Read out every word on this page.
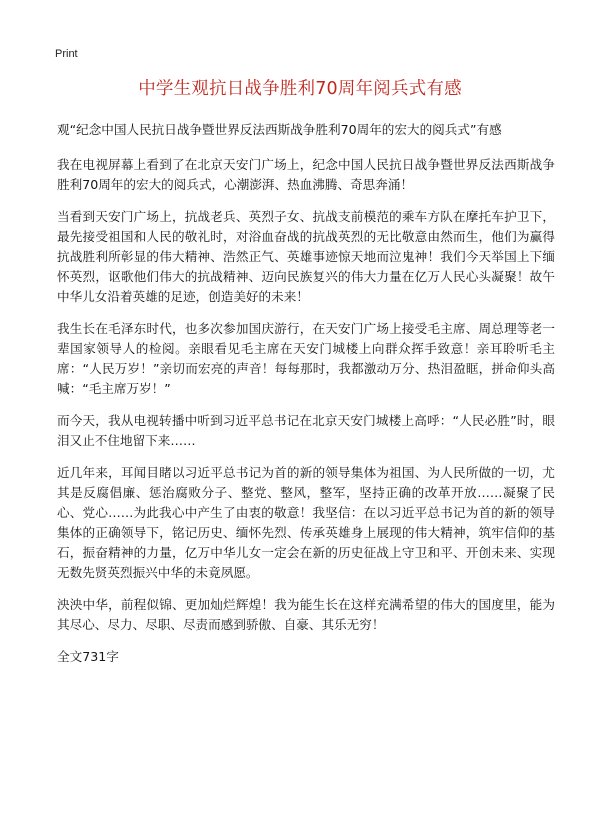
Print
中学生观抗日战争胜利70周年阅兵式有感

观“纪念中国人民抗日战争暨世界反法西斯战争胜利70周年的宏大的阅兵式”有感

我在电视屏幕上看到了在北京天安门广场上，纪念中国人民抗日战争暨世界反法西斯战争胜利70周年的宏大的阅兵式，心潮澎湃、热血沸腾、奇思奔涌！

当看到天安门广场上，抗战老兵、英烈子女、抗战支前模范的乘车方队在摩托车护卫下，最先接受祖国和人民的敬礼时，对浴血奋战的抗战英烈的无比敬意由然而生，他们为赢得抗战胜利所彰显的伟大精神、浩然正气、英雄事迹惊天地而泣鬼神！我们今天举国上下缅怀英烈，讴歌他们伟大的抗战精神、迈向民族复兴的伟大力量在亿万人民心头凝聚！故午中华儿女沿着英雄的足迹，创造美好的未来！

我生长在毛泽东时代，也多次参加国庆游行，在天安门广场上接受毛主席、周总理等老一辈国家领导人的检阅。亲眼看见毛主席在天安门城楼上向群众挥手致意！亲耳聆听毛主席：“人民万岁！”亲切而宏亮的声音！每每那时，我都激动万分、热泪盈眶，拼命仰头高喊：“毛主席万岁！”

而今天，我从电视转播中听到习近平总书记在北京天安门城楼上高呼：“人民必胜”时，眼泪又止不住地留下来……

近几年来，耳闻目睹以习近平总书记为首的新的领导集体为祖国、为人民所做的一切，尤其是反腐倡廉、惩治腐败分子、整党、整风，整军，坚持正确的改革开放……凝聚了民心、党心……为此我心中产生了由衷的敬意！我坚信：在以习近平总书记为首的新的领导集体的正确领导下，铭记历史、缅怀先烈、传承英雄身上展现的伟大精神，筑牢信仰的基石，振奋精神的力量，亿万中华儿女一定会在新的历史征战上守卫和平、开创未来、实现无数先贤英烈振兴中华的未竟夙愿。

泱泱中华，前程似锦、更加灿烂辉煌！我为能生长在这样充满希望的伟大的国度里，能为其尽心、尽力、尽职、尽责而感到骄傲、自豪、其乐无穷！

全文731字
